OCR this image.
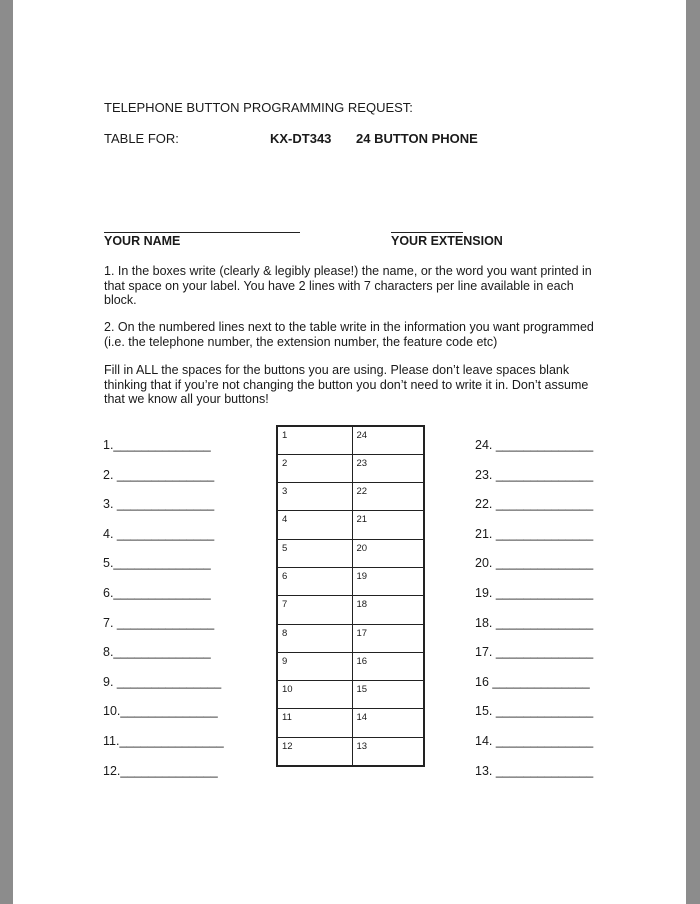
TELEPHONE BUTTON PROGRAMMING REQUEST:
TABLE FOR:	KX-DT343 24 BUTTON PHONE
YOUR NAME	YOUR EXTENSION
1. In the boxes write (clearly & legibly please!) the name, or the word you want printed in that space on your label. You have 2 lines with 7 characters per line available in each block.
2. On the numbered lines next to the table write in the information you want programmed (i.e. the telephone number, the extension number, the feature code etc)
Fill in ALL the spaces for the buttons you are using. Please don’t leave spaces blank thinking that if you’re not changing the button you don’t need to write it in. Don’t assume that we know all your buttons!
1.______________
2. ______________
3. ______________
4. ______________
5.______________
6.______________
7. ______________
8.______________
9. _______________
10.______________
11._______________
12.______________
24. ______________
23. ______________
22. ______________
21. ______________
20. ______________
19. ______________
18. ______________
17. ______________
16 ______________
15. ______________
14. ______________
13. ______________
1	24
2	23
3	22
4	21
5	20
6	19
7	18
8	17
9	16
10	15
11	14
12	13
